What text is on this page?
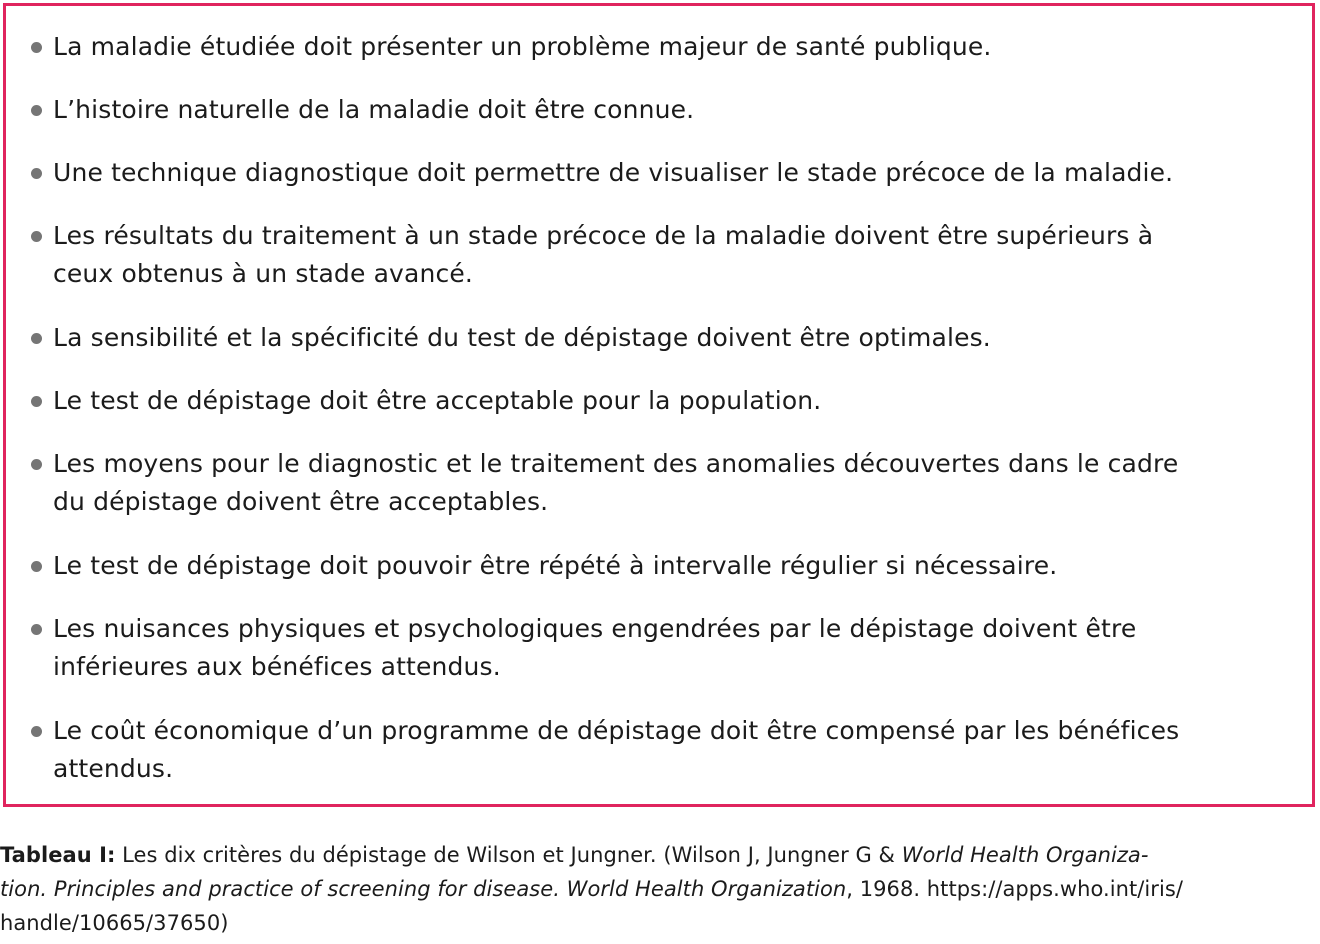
La maladie étudiée doit présenter un problème majeur de santé publique.
L’histoire naturelle de la maladie doit être connue.
Une technique diagnostique doit permettre de visualiser le stade précoce de la maladie.
Les résultats du traitement à un stade précoce de la maladie doivent être supérieurs à
ceux obtenus à un stade avancé.
La sensibilité et la spécificité du test de dépistage doivent être optimales.
Le test de dépistage doit être acceptable pour la population.
Les moyens pour le diagnostic et le traitement des anomalies découvertes dans le cadre
du dépistage doivent être acceptables.
Le test de dépistage doit pouvoir être répété à intervalle régulier si nécessaire.
Les nuisances physiques et psychologiques engendrées par le dépistage doivent être
inférieures aux bénéfices attendus.
Le coût économique d’un programme de dépistage doit être compensé par les bénéfices
attendus.
Tableau I: Les dix critères du dépistage de Wilson et Jungner. (Wilson J, Jungner G & World Health Organiza-
tion. Principles and practice of screening for disease. World Health Organization, 1968. https://apps.who.int/iris/
handle/10665/37650)
